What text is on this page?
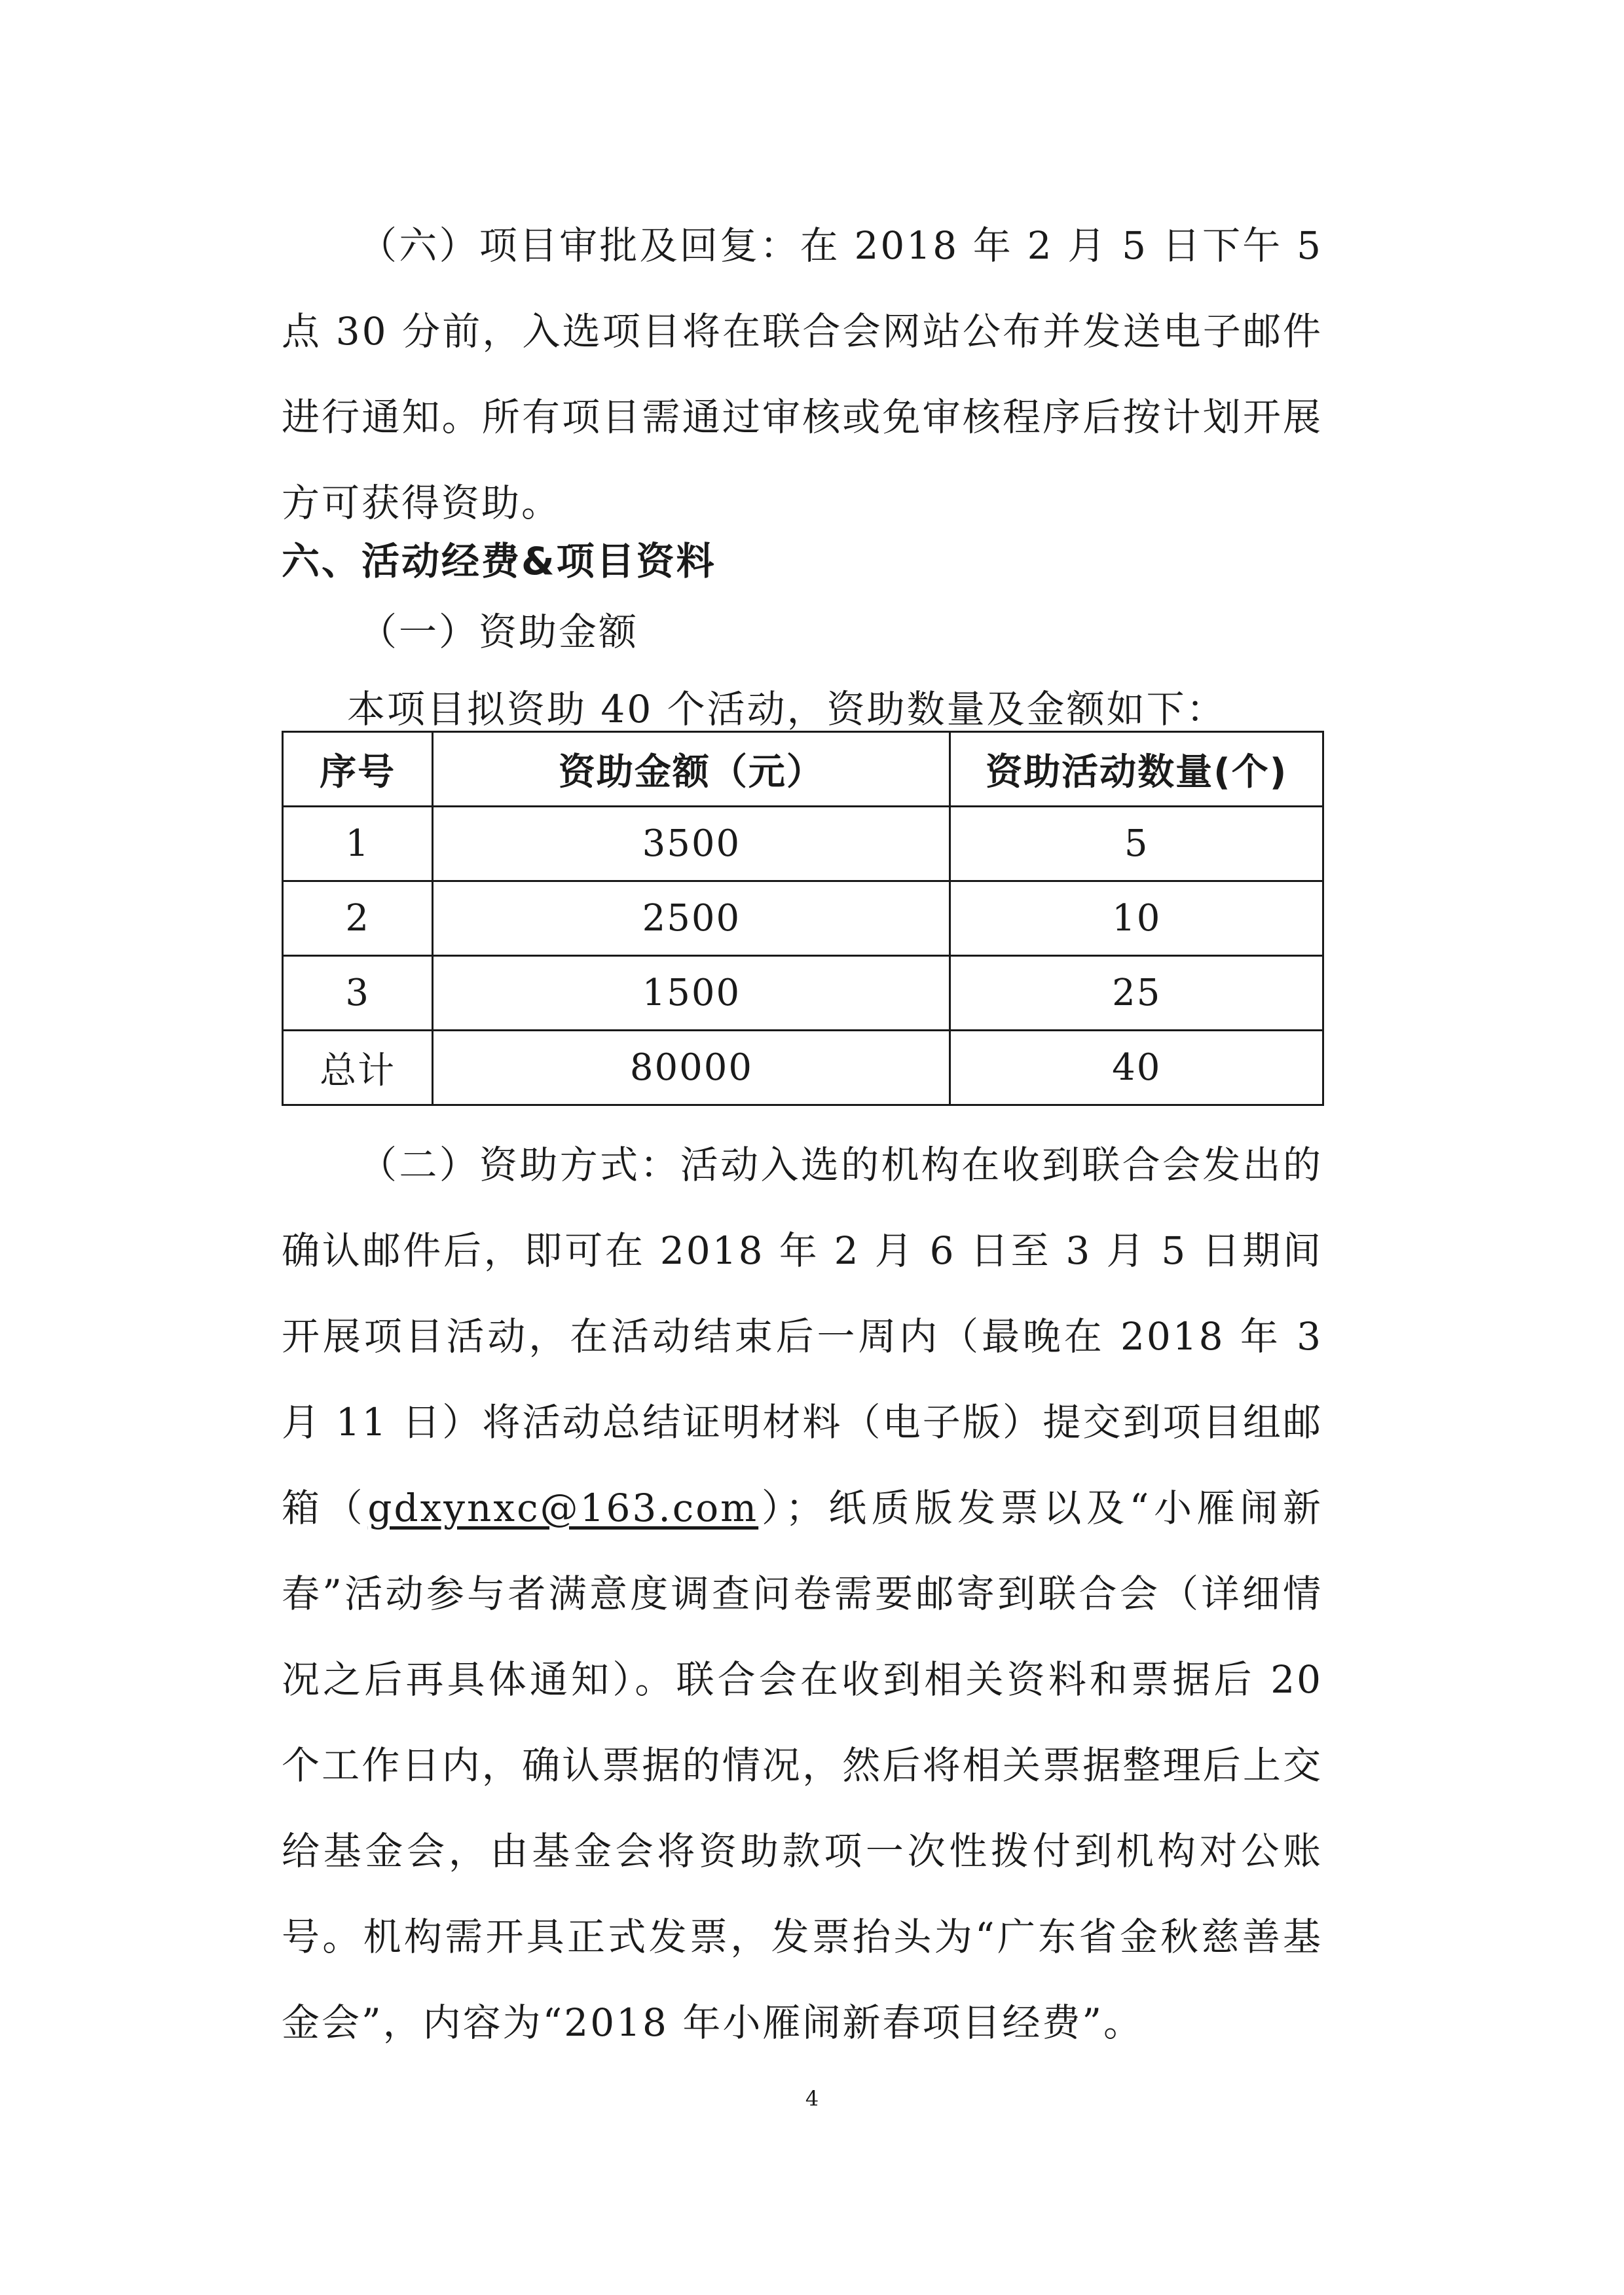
（六）项目审批及回复：在 2018 年 2 月 5 日下午 5 点 30 分前，入选项目将在联合会网站公布并发送电子邮件进行通知。所有项目需通过审核或免审核程序后按计划开展方可获得资助。

六、活动经费&项目资料

（一）资助金额

本项目拟资助 40 个活动，资助数量及金额如下：

序号	资助金额（元）	资助活动数量(个)
1	3500	5
2	2500	10
3	1500	25
总计	80000	40

（二）资助方式：活动入选的机构在收到联合会发出的确认邮件后，即可在 2018 年 2 月 6 日至 3 月 5 日期间开展项目活动，在活动结束后一周内（最晚在 2018 年 3 月 11 日）将活动总结证明材料（电子版）提交到项目组邮箱（gdxynxc@163.com）；纸质版发票以及“小雁闹新春”活动参与者满意度调查问卷需要邮寄到联合会（详细情况之后再具体通知）。联合会在收到相关资料和票据后 20 个工作日内，确认票据的情况，然后将相关票据整理后上交给基金会，由基金会将资助款项一次性拨付到机构对公账号。机构需开具正式发票，发票抬头为“广东省金秋慈善基金会”，内容为“2018 年小雁闹新春项目经费”。

4
